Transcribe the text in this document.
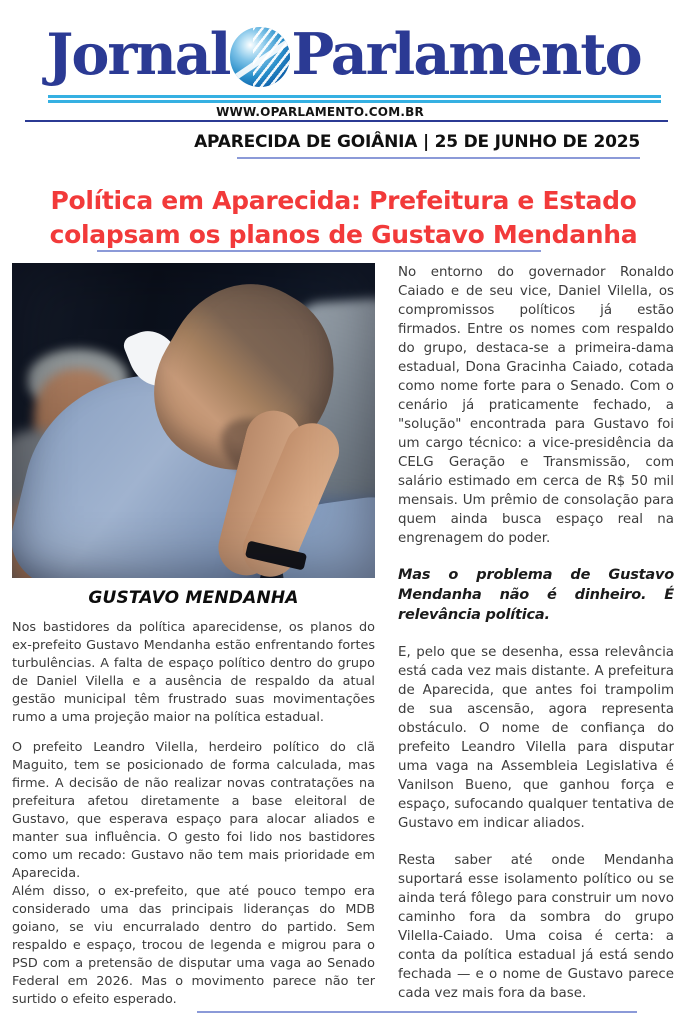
Jornal Parlamento
WWW.OPARLAMENTO.COM.BR
APARECIDA DE GOIÂNIA | 25 DE JUNHO DE 2025
Política em Aparecida: Prefeitura e Estado
colapsam os planos de Gustavo Mendanha
GUSTAVO MENDANHA

Nos bastidores da política aparecidense, os planos do ex-prefeito Gustavo Mendanha estão enfrentando fortes turbulências. A falta de espaço político dentro do grupo de Daniel Vilella e a ausência de respaldo da atual gestão municipal têm frustrado suas movimentações rumo a uma projeção maior na política estadual.

O prefeito Leandro Vilella, herdeiro político do clã Maguito, tem se posicionado de forma calculada, mas firme. A decisão de não realizar novas contratações na prefeitura afetou diretamente a base eleitoral de Gustavo, que esperava espaço para alocar aliados e manter sua influência. O gesto foi lido nos bastidores como um recado: Gustavo não tem mais prioridade em Aparecida.

Além disso, o ex-prefeito, que até pouco tempo era considerado uma das principais lideranças do MDB goiano, se viu encurralado dentro do partido. Sem respaldo e espaço, trocou de legenda e migrou para o PSD com a pretensão de disputar uma vaga ao Senado Federal em 2026. Mas o movimento parece não ter surtido o efeito esperado.

No entorno do governador Ronaldo Caiado e de seu vice, Daniel Vilella, os compromissos políticos já estão firmados. Entre os nomes com respaldo do grupo, destaca-se a primeira-dama estadual, Dona Gracinha Caiado, cotada como nome forte para o Senado. Com o cenário já praticamente fechado, a "solução" encontrada para Gustavo foi um cargo técnico: a vice-presidência da CELG Geração e Transmissão, com salário estimado em cerca de R$ 50 mil mensais. Um prêmio de consolação para quem ainda busca espaço real na engrenagem do poder.

Mas o problema de Gustavo Mendanha não é dinheiro. É relevância política.

E, pelo que se desenha, essa relevância está cada vez mais distante. A prefeitura de Aparecida, que antes foi trampolim de sua ascensão, agora representa obstáculo. O nome de confiança do prefeito Leandro Vilella para disputar uma vaga na Assembleia Legislativa é Vanilson Bueno, que ganhou força e espaço, sufocando qualquer tentativa de Gustavo em indicar aliados.

Resta saber até onde Mendanha suportará esse isolamento político ou se ainda terá fôlego para construir um novo caminho fora da sombra do grupo Vilella-Caiado. Uma coisa é certa: a conta da política estadual já está sendo fechada — e o nome de Gustavo parece cada vez mais fora da base.
